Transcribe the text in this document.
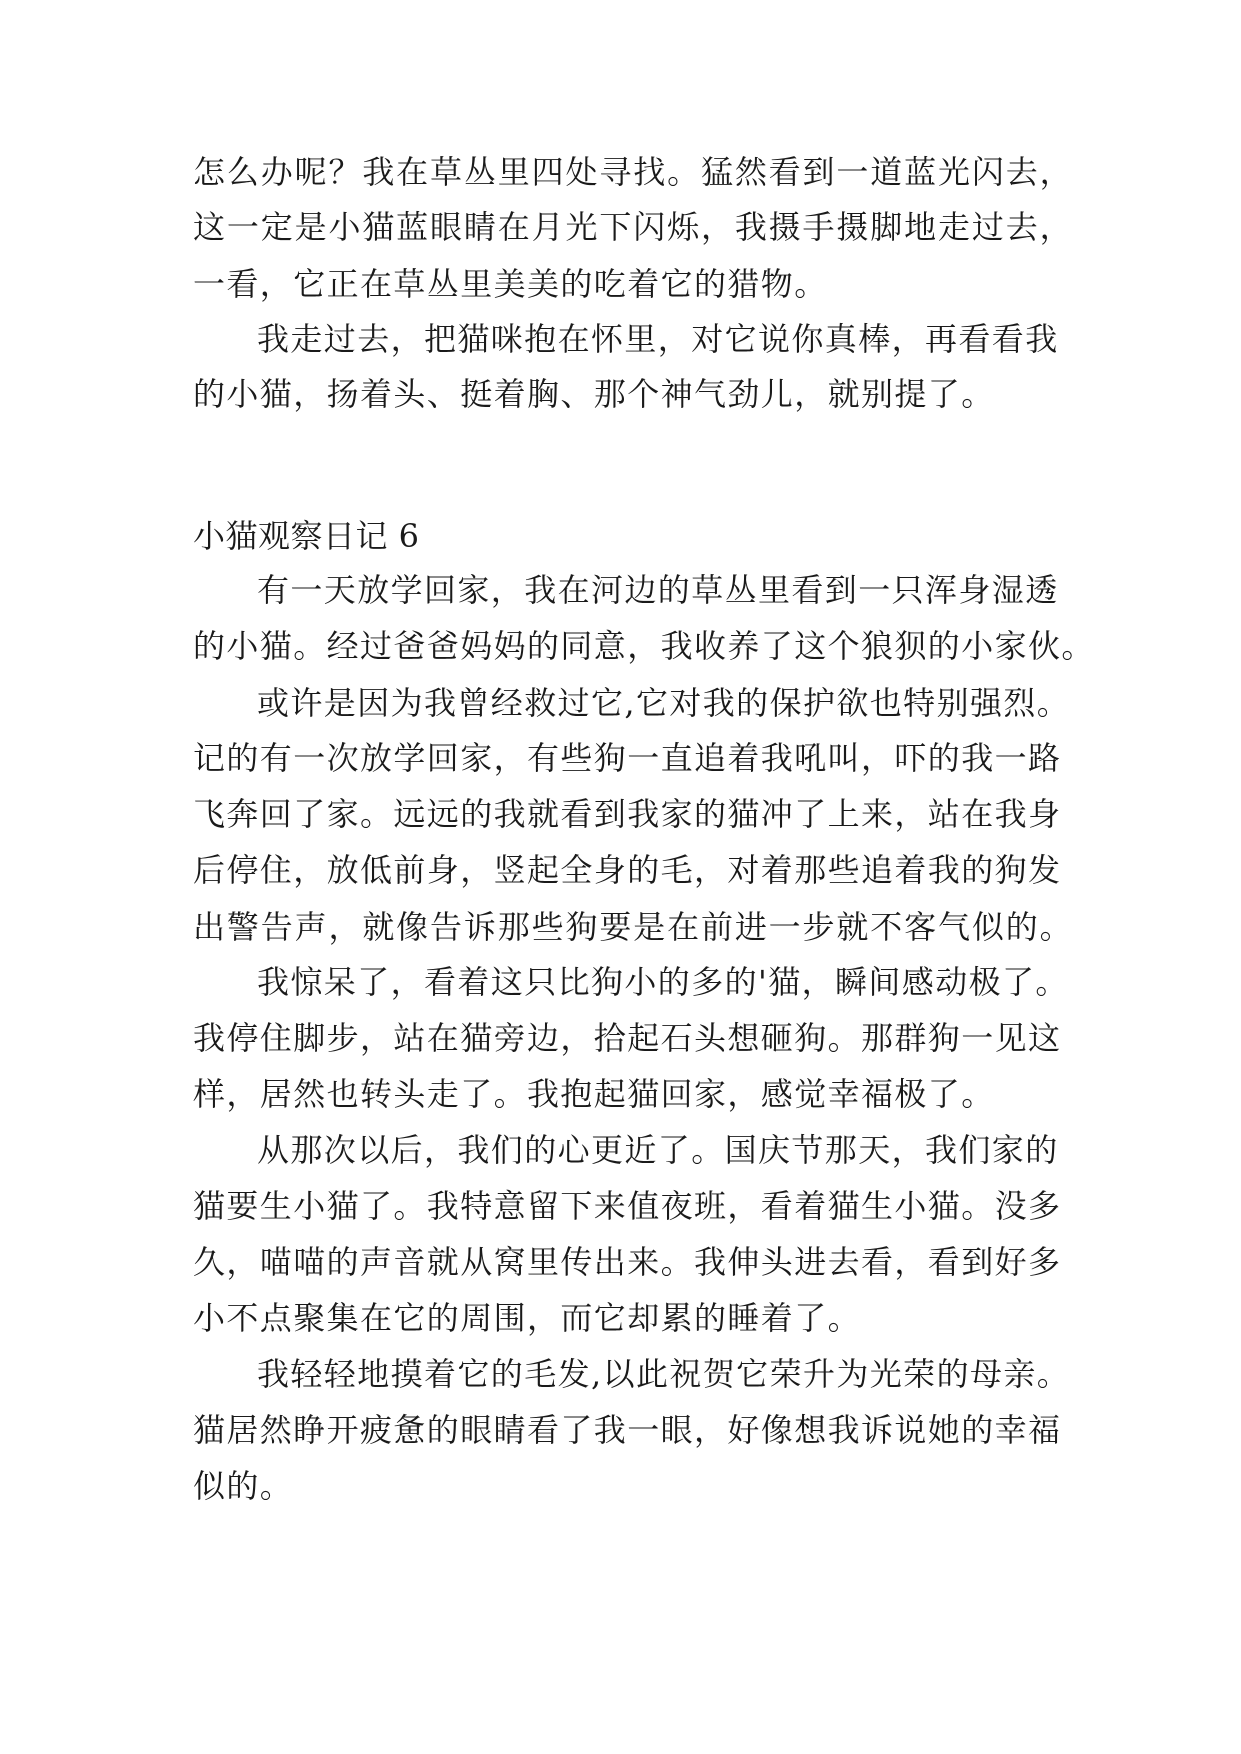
怎么办呢？我在草丛里四处寻找。猛然看到一道蓝光闪去，
这一定是小猫蓝眼睛在月光下闪烁，我摄手摄脚地走过去，
一看，它正在草丛里美美的吃着它的猎物。
我走过去，把猫咪抱在怀里，对它说你真棒，再看看我
的小猫，扬着头、挺着胸、那个神气劲儿，就别提了。
小猫观察日记 6
有一天放学回家，我在河边的草丛里看到一只浑身湿透
的小猫。经过爸爸妈妈的同意，我收养了这个狼狈的小家伙。
或许是因为我曾经救过它,它对我的保护欲也特别强烈。
记的有一次放学回家，有些狗一直追着我吼叫，吓的我一路
飞奔回了家。远远的我就看到我家的猫冲了上来，站在我身
后停住，放低前身，竖起全身的毛，对着那些追着我的狗发
出警告声，就像告诉那些狗要是在前进一步就不客气似的。
我惊呆了，看着这只比狗小的多的'猫，瞬间感动极了。
我停住脚步，站在猫旁边，拾起石头想砸狗。那群狗一见这
样，居然也转头走了。我抱起猫回家，感觉幸福极了。
从那次以后，我们的心更近了。国庆节那天，我们家的
猫要生小猫了。我特意留下来值夜班，看着猫生小猫。没多
久，喵喵的声音就从窝里传出来。我伸头进去看，看到好多
小不点聚集在它的周围，而它却累的睡着了。
我轻轻地摸着它的毛发,以此祝贺它荣升为光荣的母亲。
猫居然睁开疲惫的眼睛看了我一眼，好像想我诉说她的幸福
似的。
